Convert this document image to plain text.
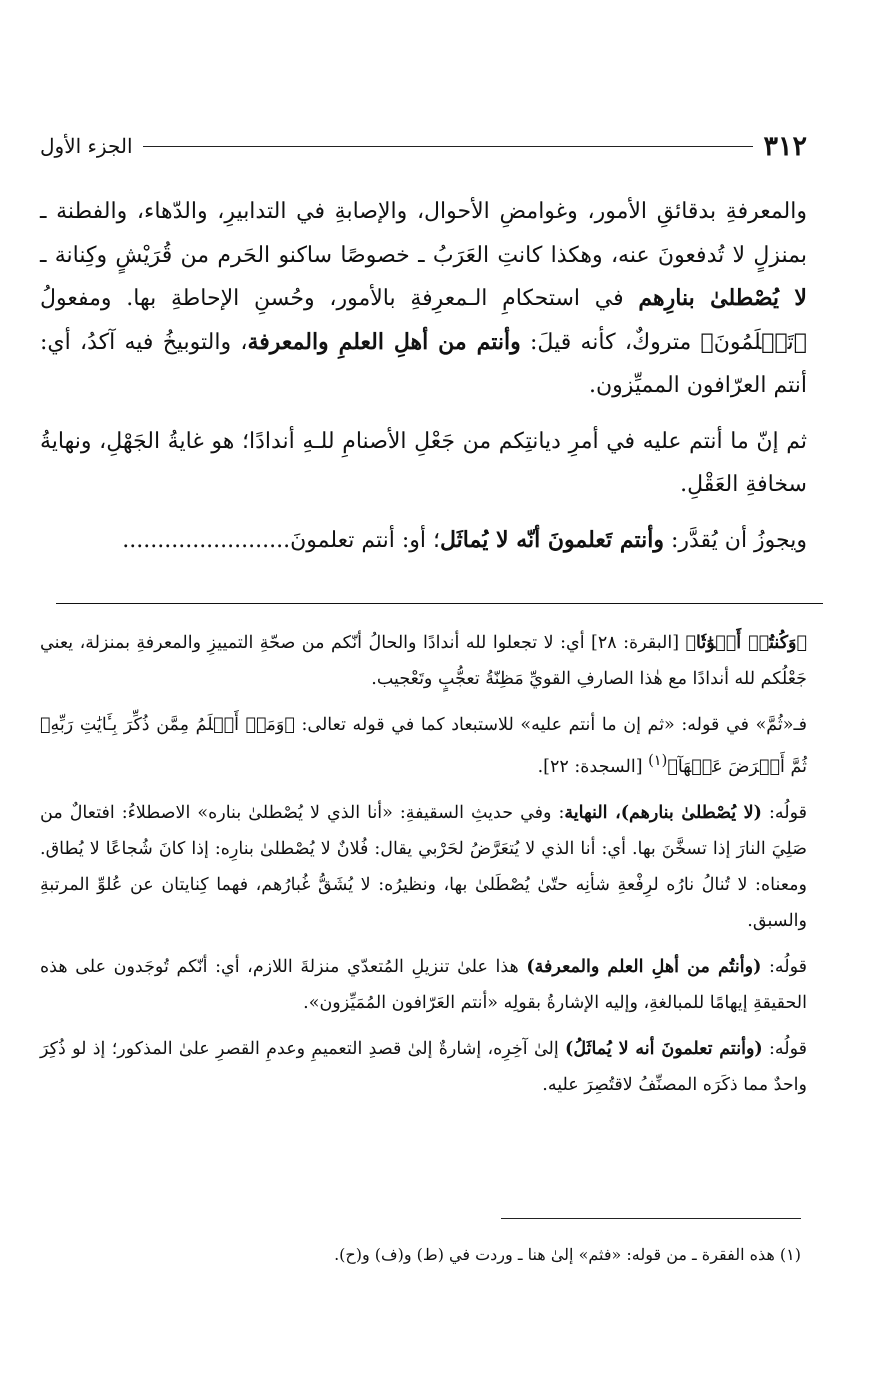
٣١٢
الجزء الأول

والمعرفةِ بدقائقِ الأمور، وغوامضِ الأحوال، والإصابةِ في التدابيرِ، والدّهاء، والفطنة ـ بمنزلٍ لا تُدفعونَ عنه، وهكذا كانتِ العَرَبُ ـ خصوصًا ساكنو الحَرم من قُرَيْشٍ وكِنانة ـ لا يُصْطلىٰ بنارِهم في استحكامِ الـمعرِفةِ بالأمور، وحُسنِ الإحاطةِ بها. ومفعولُ ﴿تَعۡلَمُونَ﴾ متروكٌ، كأنه قيلَ: وأنتم من أهلِ العلمِ والمعرفة، والتوبيخُ فيه آكدُ، أي: أنتم العرّافون المميِّزون.

ثم إنّ ما أنتم عليه في أمرِ ديانتِكم من جَعْلِ الأصنامِ للـهِ أندادًا؛ هو غايةُ الجَهْلِ، ونهايةُ سخافةِ العَقْلِ.

ويجوزُ أن يُقدَّر: وأنتم تَعلمونَ أنّه لا يُماثَل؛ أو: أنتم تعلمونَ........................

﴿وَكُنتُمۡ أَمۡوَٰتٗا﴾ [البقرة: ٢٨] أي: لا تجعلوا لله أندادًا والحالُ أنّكم من صحّةِ التمييزِ والمعرفةِ بمنزلة، يعني جَعْلُكم لله أندادًا مع هٰذا الصارفِ القويِّ مَظِنّةُ تعجُّبٍ وتَعْجيب.

فـ«ثُمَّ» في قوله: «ثم إن ما أنتم عليه» للاستبعاد كما في قوله تعالى: ﴿وَمَنۡ أَظۡلَمُ مِمَّن ذُكِّرَ بِـَٔايَٰتِ رَبِّهِۦ ثُمَّ أَعۡرَضَ عَنۡهَآ﴾$^{(١)}$ [السجدة: ٢٢].

قولُه: (لا يُصْطلىٰ بنارهم)، النهاية: وفي حديثِ السقيفةِ: «أنا الذي لا يُصْطلىٰ بناره» الاصطلاءُ: افتعالٌ من صَلِيَ النارَ إذا تسخَّنَ بها. أي: أنا الذي لا يُتعَرَّضُ لحَرْبي يقال: فُلانٌ لا يُصْطلىٰ بنارِه: إذا كانَ شُجاعًا لا يُطاق. ومعناه: لا تُنالُ نارُه لرِفْعةِ شأنِه حتّىٰ يُصْطَلىٰ بها، ونظيرُه: لا يُشَقُّ غُبارُهم، فهما كِنايتان عن عُلوِّ المرتبةِ والسبق.

قولُه: (وأنتُم من أهلِ العلم والمعرفة) هذا علىٰ تنزيلِ المُتعدّي منزلةَ اللازم، أي: أنّكم تُوجَدون على هذه الحقيقةِ إيهامًا للمبالغةِ، وإليه الإشارةُ بقولِه «أنتم العَرّافون المُمَيِّزون».

قولُه: (وأنتم تعلمونَ أنه لا يُماثَلُ) إلىٰ آخِرِه، إشارةٌ إلىٰ قصدِ التعميمِ وعدمِ القصرِ علىٰ المذكور؛ إذ لو ذُكِرَ واحدٌ مما ذكَرَه المصنِّفُ لاقتُصِرَ عليه.

(١) هذه الفقرة ـ من قوله: «فثم» إلىٰ هنا ـ وردت في (ط) و(ف) و(ح).
